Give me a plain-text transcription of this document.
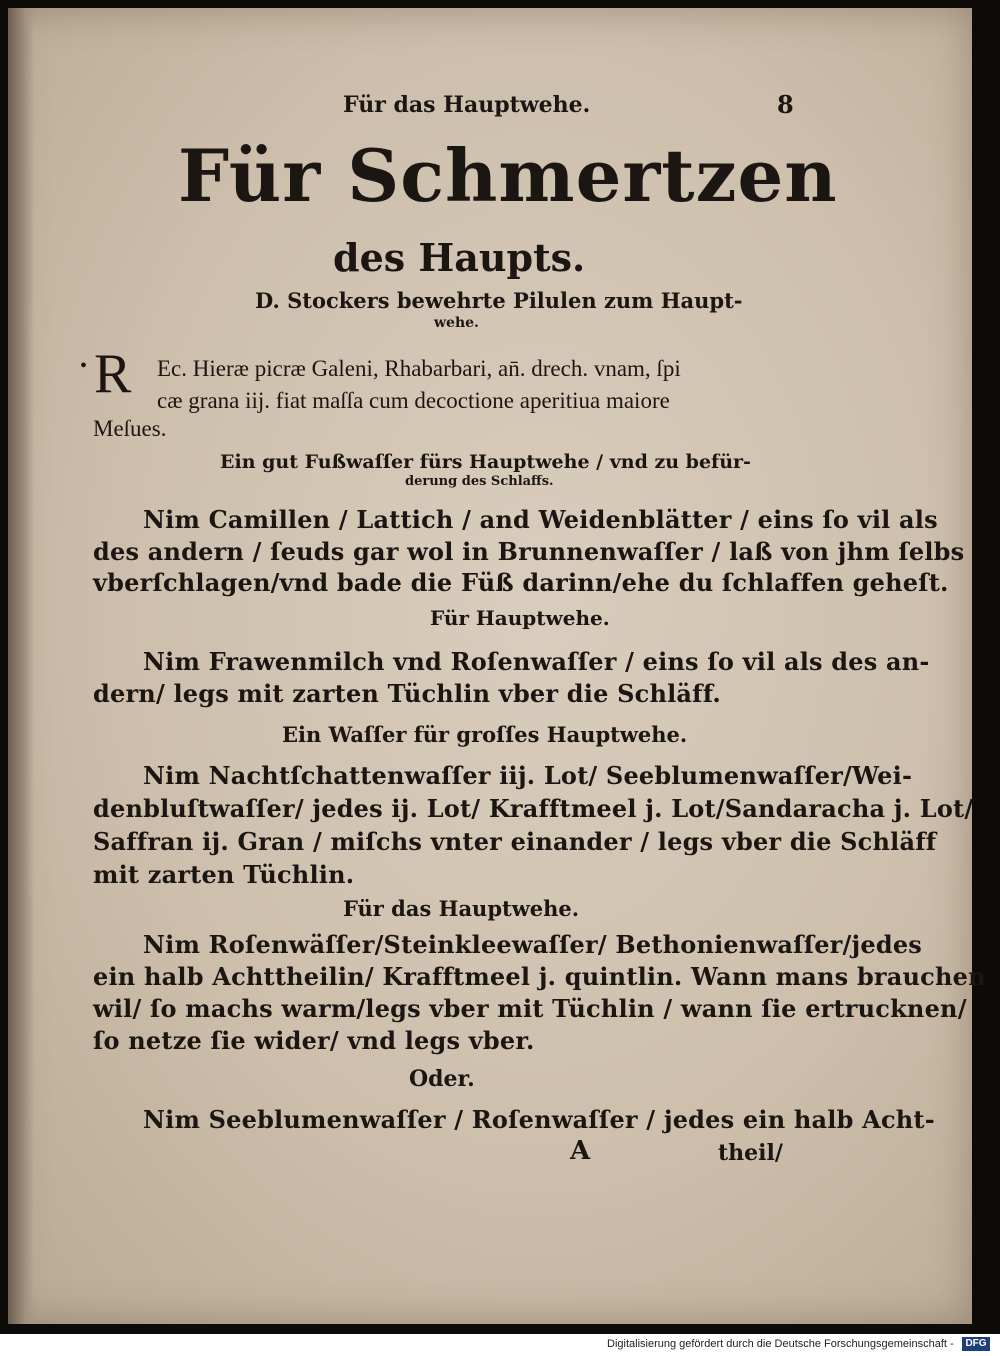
Für das Hauptwehe.	8
Für Schmertzen
des Haupts.
D. Stockers bewehrte Pilulen zum Haupt-
wehe.
• R Ec. Hieræ picræ Galeni, Rhabarbari, an̄. drech. vnam, ſpi
cæ grana iij. fiat maſſa cum decoctione aperitiua maiore
Meſues.
Ein gut Fußwaſſer fürs Hauptwehe / vnd zu befür-
derung des Schlaffs.
Nim Camillen / Lattich / and Weidenblätter / eins ſo vil als
des andern / ſeuds gar wol in Brunnenwaſſer / laß von jhm ſelbs
vberſchlagen/vnd bade die Füß darinn/ehe du ſchlaffen geheſt.
Für Hauptwehe.
Nim Frawenmilch vnd Roſenwaſſer / eins ſo vil als des an-
dern/ legs mit zarten Tüchlin vber die Schläff.
Ein Waſſer für groſſes Hauptwehe.
Nim Nachtſchattenwaſſer iij. Lot/ Seeblumenwaſſer/Wei-
denbluſtwaſſer/ jedes ij. Lot/ Krafftmeel j. Lot/Sandaracha j. Lot/
Saffran ij. Gran / miſchs vnter einander / legs vber die Schläff
mit zarten Tüchlin.
Für das Hauptwehe.
Nim Roſenwäſſer/Steinkleewaſſer/ Bethonienwaſſer/jedes
ein halb Achttheilin/ Krafftmeel j. quintlin. Wann mans brauchen
wil/ ſo machs warm/legs vber mit Tüchlin / wann ſie ertrucknen/
ſo netze ſie wider/ vnd legs vber.
Oder.
Nim Seeblumenwaſſer / Roſenwaſſer / jedes ein halb Acht-
A	theil/
Digitalisierung gefördert durch die Deutsche Forschungsgemeinschaft -	DFG
